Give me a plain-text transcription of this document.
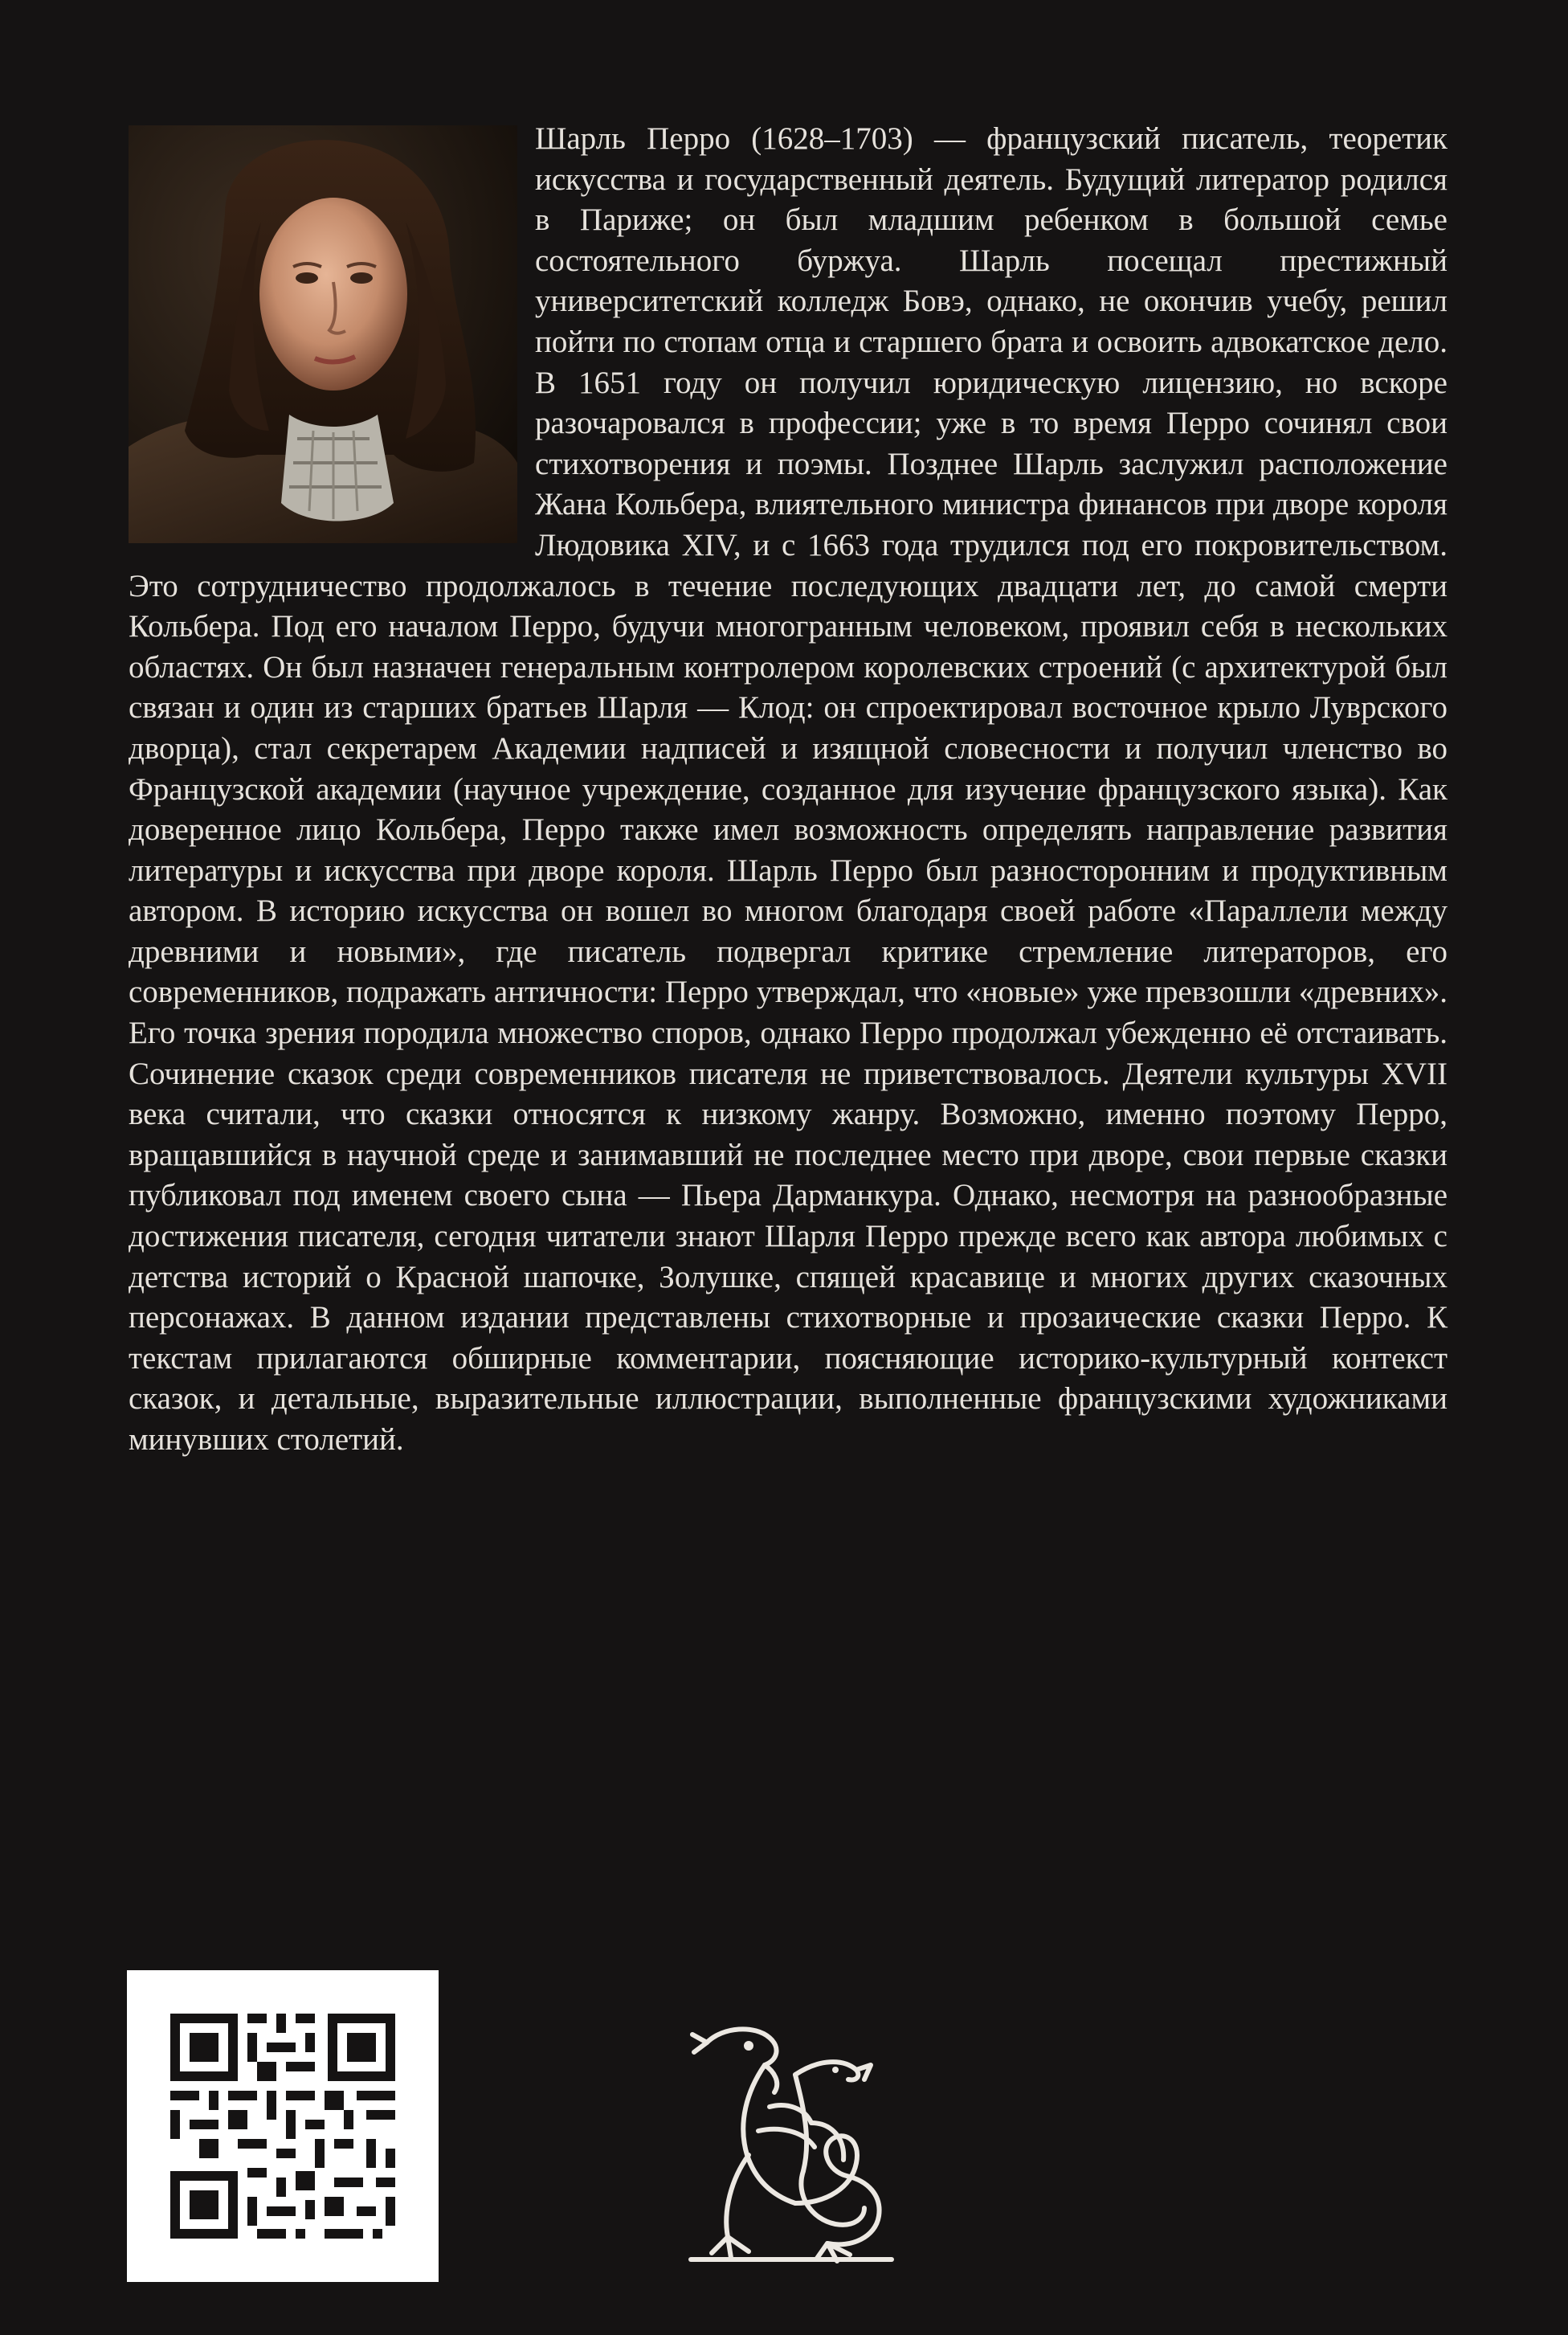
Шарль Перро (1628–1703) — французский писатель, теоретик искусства и государственный деятель. Будущий литератор родился в Париже; он был младшим ребенком в большой семье состоятельного буржуа. Шарль посещал престижный университетский колледж Бовэ, однако, не окончив учебу, решил пойти по стопам отца и старшего брата и освоить адвокатское дело. В 1651 году он получил юридическую лицензию, но вскоре разочаровался в профессии; уже в то время Перро сочинял свои стихотворения и поэмы. Позднее Шарль заслужил расположение Жана Кольбера, влиятельного министра финансов при дворе короля Людовика XIV, и с 1663 года трудился под его покровительством. Это сотрудничество продолжалось в течение последующих двадцати лет, до самой смерти Кольбера. Под его началом Перро, будучи многогранным человеком, проявил себя в нескольких областях. Он был назначен генеральным контролером королевских строений (с архитектурой был связан и один из старших братьев Шарля — Клод: он спроектировал восточное крыло Луврского дворца), стал секретарем Академии надписей и изящной словесности и получил членство во Французской академии (научное учреждение, созданное для изучение французского языка). Как доверенное лицо Кольбера, Перро также имел возможность определять направление развития литературы и искусства при дворе короля. Шарль Перро был разносторонним и продуктивным автором. В историю искусства он вошел во многом благодаря своей работе «Параллели между древними и новыми», где писатель подвергал критике стремление литераторов, его современников, подражать античности: Перро утверждал, что «новые» уже превзошли «древних». Его точка зрения породила множество споров, однако Перро продолжал убежденно её отстаивать. Сочинение сказок среди современников писателя не приветствовалось. Деятели культуры XVII века считали, что сказки относятся к низкому жанру. Возможно, именно поэтому Перро, вращавшийся в научной среде и занимавший не последнее место при дворе, свои первые сказки публиковал под именем своего сына — Пьера Дарманкура. Однако, несмотря на разнообразные достижения писателя, сегодня читатели знают Шарля Перро прежде всего как автора любимых с детства историй о Красной шапочке, Золушке, спящей красавице и многих других сказочных персонажах. В данном издании представлены стихотворные и прозаические сказки Перро. К текстам прилагаются обширные комментарии, поясняющие историко-культурный контекст сказок, и детальные, выразительные иллюстрации, выполненные французскими художниками минувших столетий.
